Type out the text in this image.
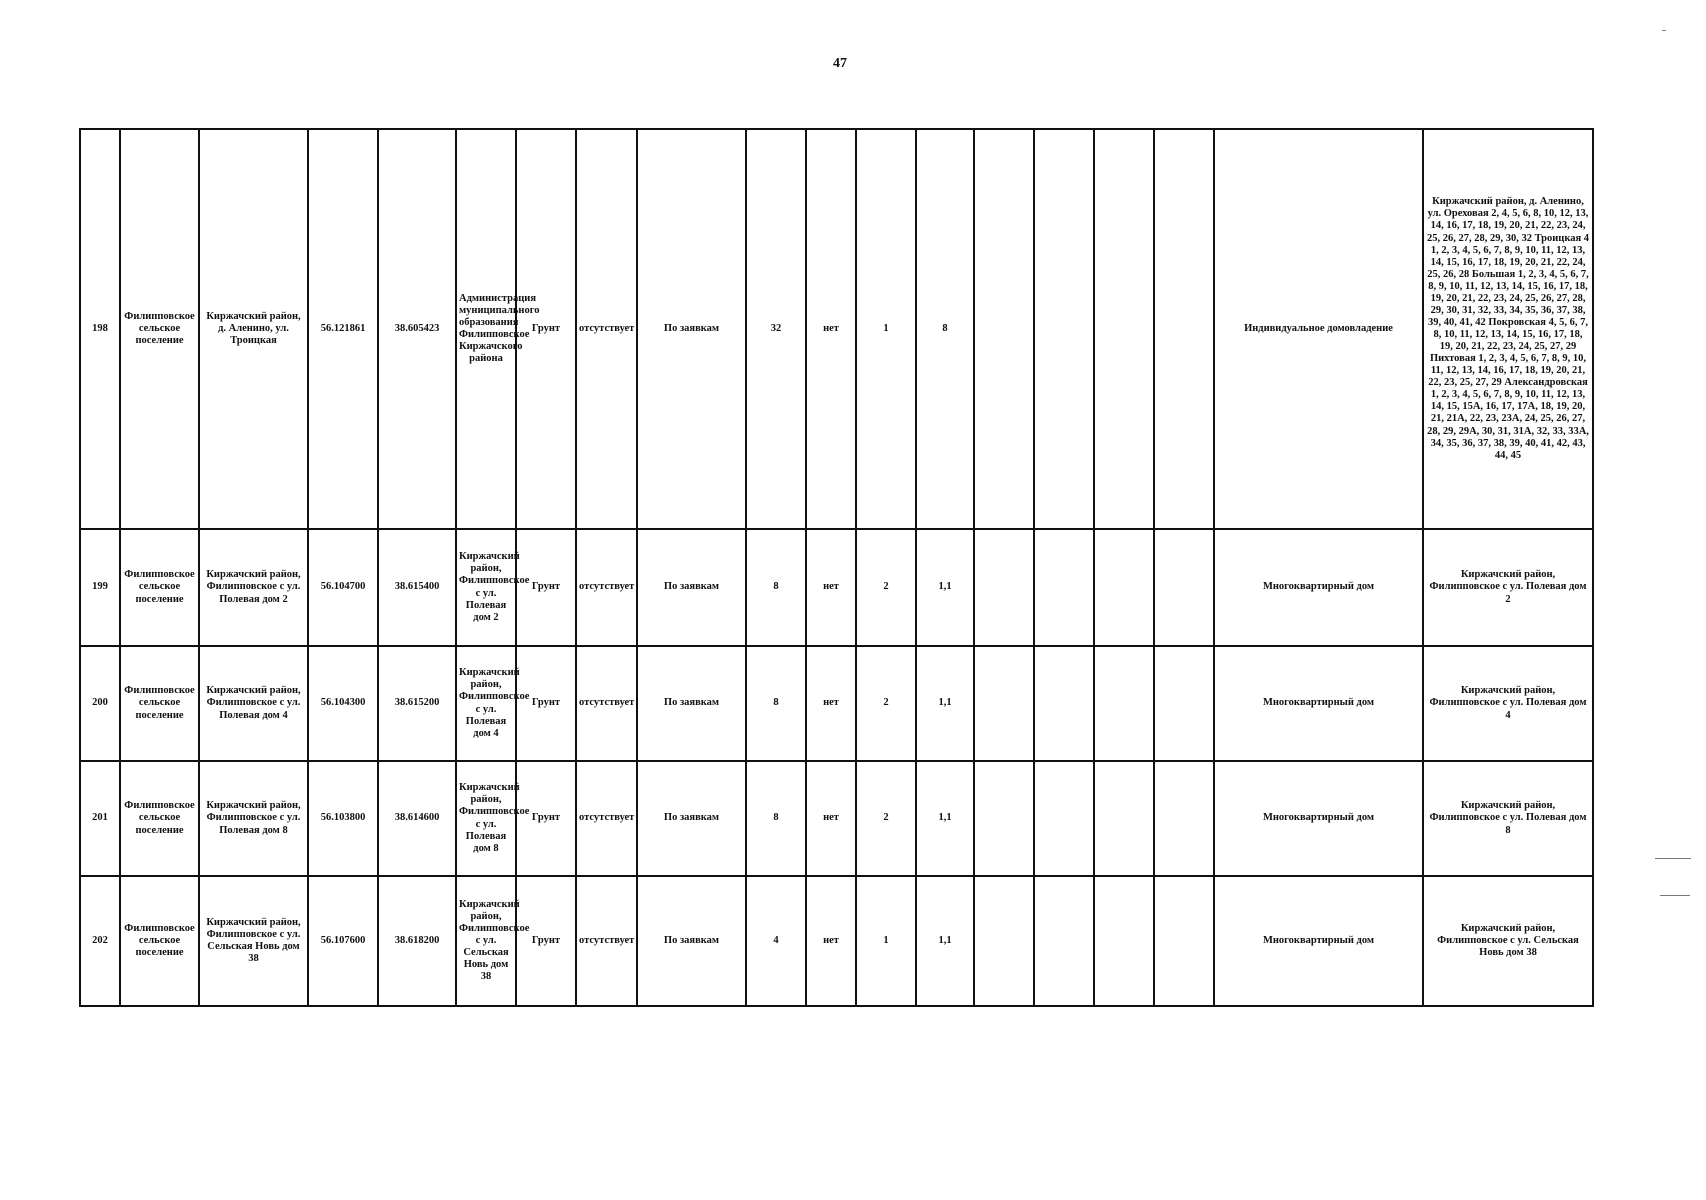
47
198	Филипповское сельское поселение	Киржачский район, д. Аленино, ул. Троицкая	56.121861	38.605423	Администрация муниципального образования Филипповское Киржачского района	Грунт	отсутствует	По заявкам	32	нет	1	8					Индивидуальное домовладение	Киржачский район, д. Аленино, ул. Ореховая 2, 4, 5, 6, 8, 10, 12, 13, 14, 16, 17, 18, 19, 20, 21, 22, 23, 24, 25, 26, 27, 28, 29, 30, 32 Троицкая 4 1, 2, 3, 4, 5, 6, 7, 8, 9, 10, 11, 12, 13, 14, 15, 16, 17, 18, 19, 20, 21, 22, 24, 25, 26, 28 Большая 1, 2, 3, 4, 5, 6, 7, 8, 9, 10, 11, 12, 13, 14, 15, 16, 17, 18, 19, 20, 21, 22, 23, 24, 25, 26, 27, 28, 29, 30, 31, 32, 33, 34, 35, 36, 37, 38, 39, 40, 41, 42 Покровская 4, 5, 6, 7, 8, 10, 11, 12, 13, 14, 15, 16, 17, 18, 19, 20, 21, 22, 23, 24, 25, 27, 29 Пихтовая 1, 2, 3, 4, 5, 6, 7, 8, 9, 10, 11, 12, 13, 14, 16, 17, 18, 19, 20, 21, 22, 23, 25, 27, 29 Александровская 1, 2, 3, 4, 5, 6, 7, 8, 9, 10, 11, 12, 13, 14, 15, 15А, 16, 17, 17А, 18, 19, 20, 21, 21А, 22, 23, 23А, 24, 25, 26, 27, 28, 29, 29А, 30, 31, 31А, 32, 33, 33А, 34, 35, 36, 37, 38, 39, 40, 41, 42, 43, 44, 45
199	Филипповское сельское поселение	Киржачский район, Филипповское с ул. Полевая дом 2	56.104700	38.615400	Киржачский район, Филипповское с ул. Полевая дом 2	Грунт	отсутствует	По заявкам	8	нет	2	1,1					Многоквартирный дом	Киржачский район, Филипповское с ул. Полевая дом 2
200	Филипповское сельское поселение	Киржачский район, Филипповское с ул. Полевая дом 4	56.104300	38.615200	Киржачский район, Филипповское с ул. Полевая дом 4	Грунт	отсутствует	По заявкам	8	нет	2	1,1					Многоквартирный дом	Киржачский район, Филипповское с ул. Полевая дом 4
201	Филипповское сельское поселение	Киржачский район, Филипповское с ул. Полевая дом 8	56.103800	38.614600	Киржачский район, Филипповское с ул. Полевая дом 8	Грунт	отсутствует	По заявкам	8	нет	2	1,1					Многоквартирный дом	Киржачский район, Филипповское с ул. Полевая дом 8
202	Филипповское сельское поселение	Киржачский район, Филипповское с ул. Сельская Новь дом 38	56.107600	38.618200	Киржачский район, Филипповское с ул. Сельская Новь дом 38	Грунт	отсутствует	По заявкам	4	нет	1	1,1					Многоквартирный дом	Киржачский район, Филипповское с ул. Сельская Новь дом 38
